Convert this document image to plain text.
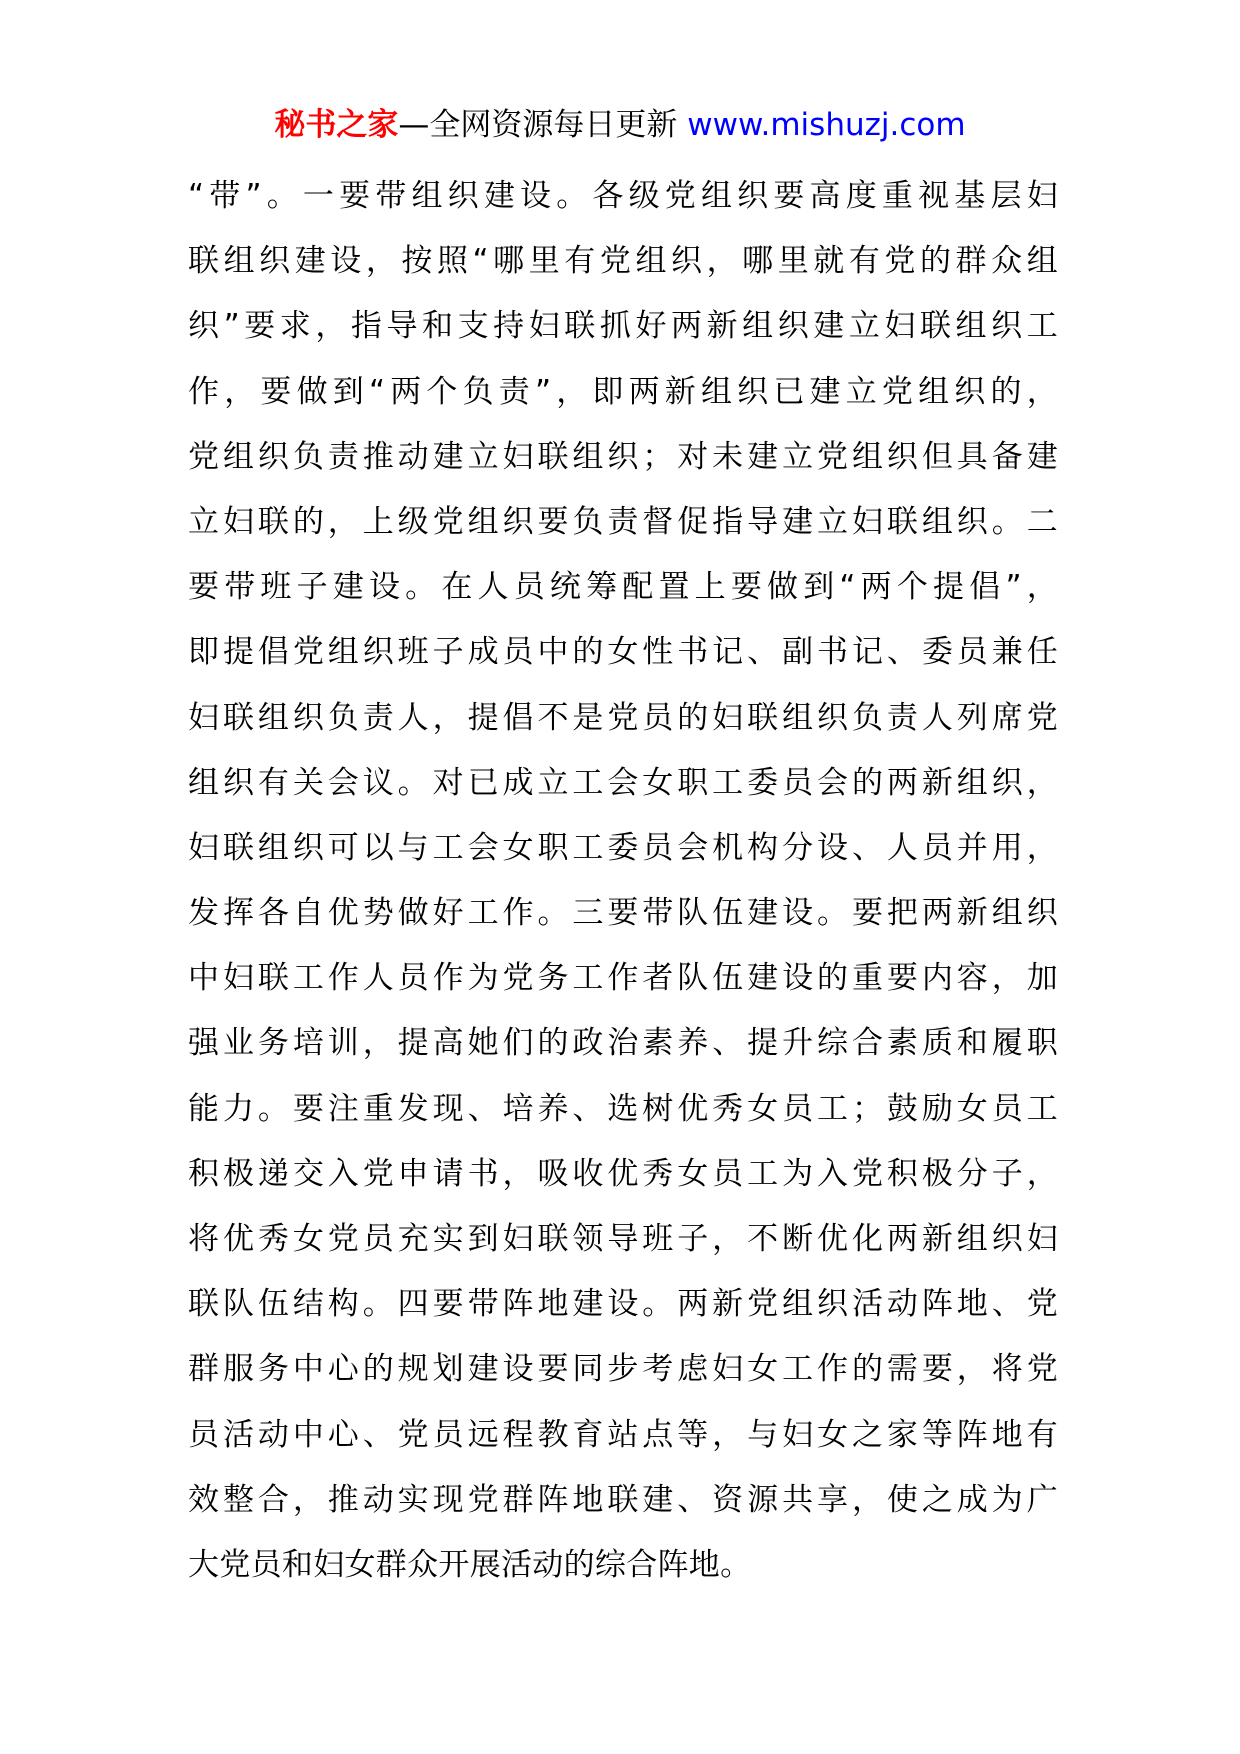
秘书之家—全网资源每日更新 www.mishuzj.com
“带”。一要带组织建设。各级党组织要高度重视基层妇
联组织建设，按照“哪里有党组织，哪里就有党的群众组
织”要求，指导和支持妇联抓好两新组织建立妇联组织工
作，要做到“两个负责”，即两新组织已建立党组织的，
党组织负责推动建立妇联组织；对未建立党组织但具备建
立妇联的，上级党组织要负责督促指导建立妇联组织。二
要带班子建设。在人员统筹配置上要做到“两个提倡”，
即提倡党组织班子成员中的女性书记、副书记、委员兼任
妇联组织负责人，提倡不是党员的妇联组织负责人列席党
组织有关会议。对已成立工会女职工委员会的两新组织，
妇联组织可以与工会女职工委员会机构分设、人员并用，
发挥各自优势做好工作。三要带队伍建设。要把两新组织
中妇联工作人员作为党务工作者队伍建设的重要内容，加
强业务培训，提高她们的政治素养、提升综合素质和履职
能力。要注重发现、培养、选树优秀女员工；鼓励女员工
积极递交入党申请书，吸收优秀女员工为入党积极分子，
将优秀女党员充实到妇联领导班子，不断优化两新组织妇
联队伍结构。四要带阵地建设。两新党组织活动阵地、党
群服务中心的规划建设要同步考虑妇女工作的需要，将党
员活动中心、党员远程教育站点等，与妇女之家等阵地有
效整合，推动实现党群阵地联建、资源共享，使之成为广
大党员和妇女群众开展活动的综合阵地。
